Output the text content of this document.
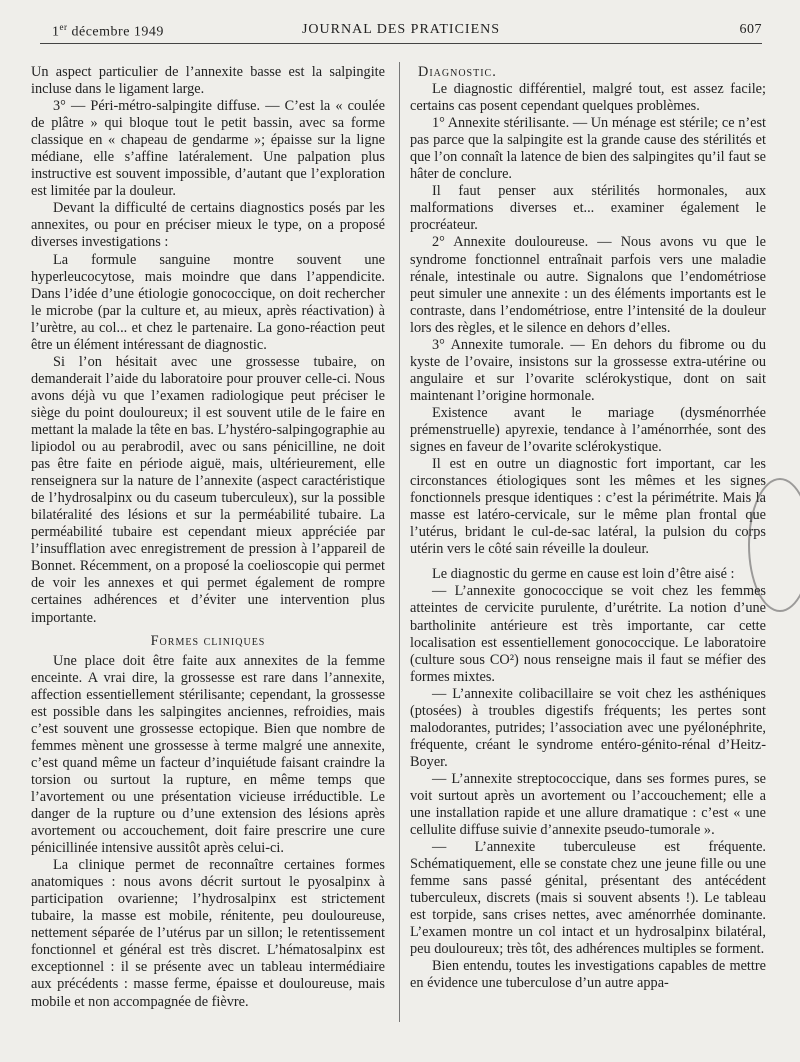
1er décembre 1949	JOURNAL DES PRATICIENS	607

Un aspect particulier de l’annexite basse est la salpingite incluse dans le ligament large.

3° — Péri-métro-salpingite diffuse. — C’est la « coulée de plâtre » qui bloque tout le petit bassin, avec sa forme classique en « chapeau de gendarme »; épaisse sur la ligne médiane, elle s’affine latéralement. Une palpation plus instructive est souvent impossible, d’autant que l’exploration est limitée par la douleur.

Devant la difficulté de certains diagnostics posés par les annexites, ou pour en préciser mieux le type, on a proposé diverses investigations :

La formule sanguine montre souvent une hyperleucocytose, mais moindre que dans l’appendicite. Dans l’idée d’une étiologie gonococcique, on doit rechercher le microbe (par la culture et, au mieux, après réactivation) à l’urètre, au col... et chez le partenaire. La gono-réaction peut être un élément intéressant de diagnostic.

Si l’on hésitait avec une grossesse tubaire, on demanderait l’aide du laboratoire pour prouver celle-ci. Nous avons déjà vu que l’examen radiologique peut préciser le siège du point douloureux; il est souvent utile de le faire en mettant la malade la tête en bas. L’hystéro-salpingographie au lipiodol ou au perabrodil, avec ou sans pénicilline, ne doit pas être faite en période aiguë, mais, ultérieurement, elle renseignera sur la nature de l’annexite (aspect caractéristique de l’hydrosalpinx ou du caseum tuberculeux), sur la possible bilatéralité des lésions et sur la perméabilité tubaire. La perméabilité tubaire est cependant mieux appréciée par l’insufflation avec enregistrement de pression à l’appareil de Bonnet. Récemment, on a proposé la coelioscopie qui permet de voir les annexes et qui permet également de rompre certaines adhérences et d’éviter une intervention plus importante.

Formes cliniques

Une place doit être faite aux annexites de la femme enceinte. A vrai dire, la grossesse est rare dans l’annexite, affection essentiellement stérilisante; cependant, la grossesse est possible dans les salpingites anciennes, refroidies, mais c’est souvent une grossesse ectopique. Bien que nombre de femmes mènent une grossesse à terme malgré une annexite, c’est quand même un facteur d’inquiétude faisant craindre la torsion ou surtout la rupture, en même temps que l’avortement ou une présentation vicieuse irréductible. Le danger de la rupture ou d’une extension des lésions après avortement ou accouchement, doit faire prescrire une cure pénicillinée intensive aussitôt après celui-ci.

La clinique permet de reconnaître certaines formes anatomiques : nous avons décrit surtout le pyosalpinx à participation ovarienne; l’hydrosalpinx est strictement tubaire, la masse est mobile, rénitente, peu douloureuse, nettement séparée de l’utérus par un sillon; le retentissement fonctionnel et général est très discret. L’hématosalpinx est exceptionnel : il se présente avec un tableau intermédiaire aux précédents : masse ferme, épaisse et douloureuse, mais mobile et non accompagnée de fièvre.

Diagnostic.

Le diagnostic différentiel, malgré tout, est assez facile; certains cas posent cependant quelques problèmes.

1° Annexite stérilisante. — Un ménage est stérile; ce n’est pas parce que la salpingite est la grande cause des stérilités et que l’on connaît la latence de bien des salpingites qu’il faut se hâter de conclure.

Il faut penser aux stérilités hormonales, aux malformations diverses et... examiner également le procréateur.

2° Annexite douloureuse. — Nous avons vu que le syndrome fonctionnel entraînait parfois vers une maladie rénale, intestinale ou autre. Signalons que l’endométriose peut simuler une annexite : un des éléments importants est le contraste, dans l’endométriose, entre l’intensité de la douleur lors des règles, et le silence en dehors d’elles.

3° Annexite tumorale. — En dehors du fibrome ou du kyste de l’ovaire, insistons sur la grossesse extra-utérine ou angulaire et sur l’ovarite sclérokystique, dont on sait maintenant l’origine hormonale.

Existence avant le mariage (dysménorrhée prémenstruelle) apyrexie, tendance à l’aménorrhée, sont des signes en faveur de l’ovarite sclérokystique.

Il est en outre un diagnostic fort important, car les circonstances étiologiques sont les mêmes et les signes fonctionnels presque identiques : c’est la périmétrite. Mais la masse est latéro-cervicale, sur le même plan frontal que l’utérus, bridant le cul-de-sac latéral, la pulsion du corps utérin vers le côté sain réveille la douleur.

Le diagnostic du germe en cause est loin d’être aisé :

— L’annexite gonococcique se voit chez les femmes atteintes de cervicite purulente, d’urétrite. La notion d’une bartholinite antérieure est très importante, car cette localisation est essentiellement gonococcique. Le laboratoire (culture sous CO²) nous renseigne mais il faut se méfier des formes mixtes.

— L’annexite colibacillaire se voit chez les asthéniques (ptosées) à troubles digestifs fréquents; les pertes sont malodorantes, putrides; l’association avec une pyélonéphrite, fréquente, créant le syndrome entéro-génito-rénal d’Heitz-Boyer.

— L’annexite streptococcique, dans ses formes pures, se voit surtout après un avortement ou l’accouchement; elle a une installation rapide et une allure dramatique : c’est « une cellulite diffuse suivie d’annexite pseudo-tumorale ».

— L’annexite tuberculeuse est fréquente. Schématiquement, elle se constate chez une jeune fille ou une femme sans passé génital, présentant des antécédent tuberculeux, discrets (mais si souvent absents !). Le tableau est torpide, sans crises nettes, avec aménorrhée dominante. L’examen montre un col intact et un hydrosalpinx bilatéral, peu douloureux; très tôt, des adhérences multiples se forment.

Bien entendu, toutes les investigations capables de mettre en évidence une tuberculose d’un autre appa-
